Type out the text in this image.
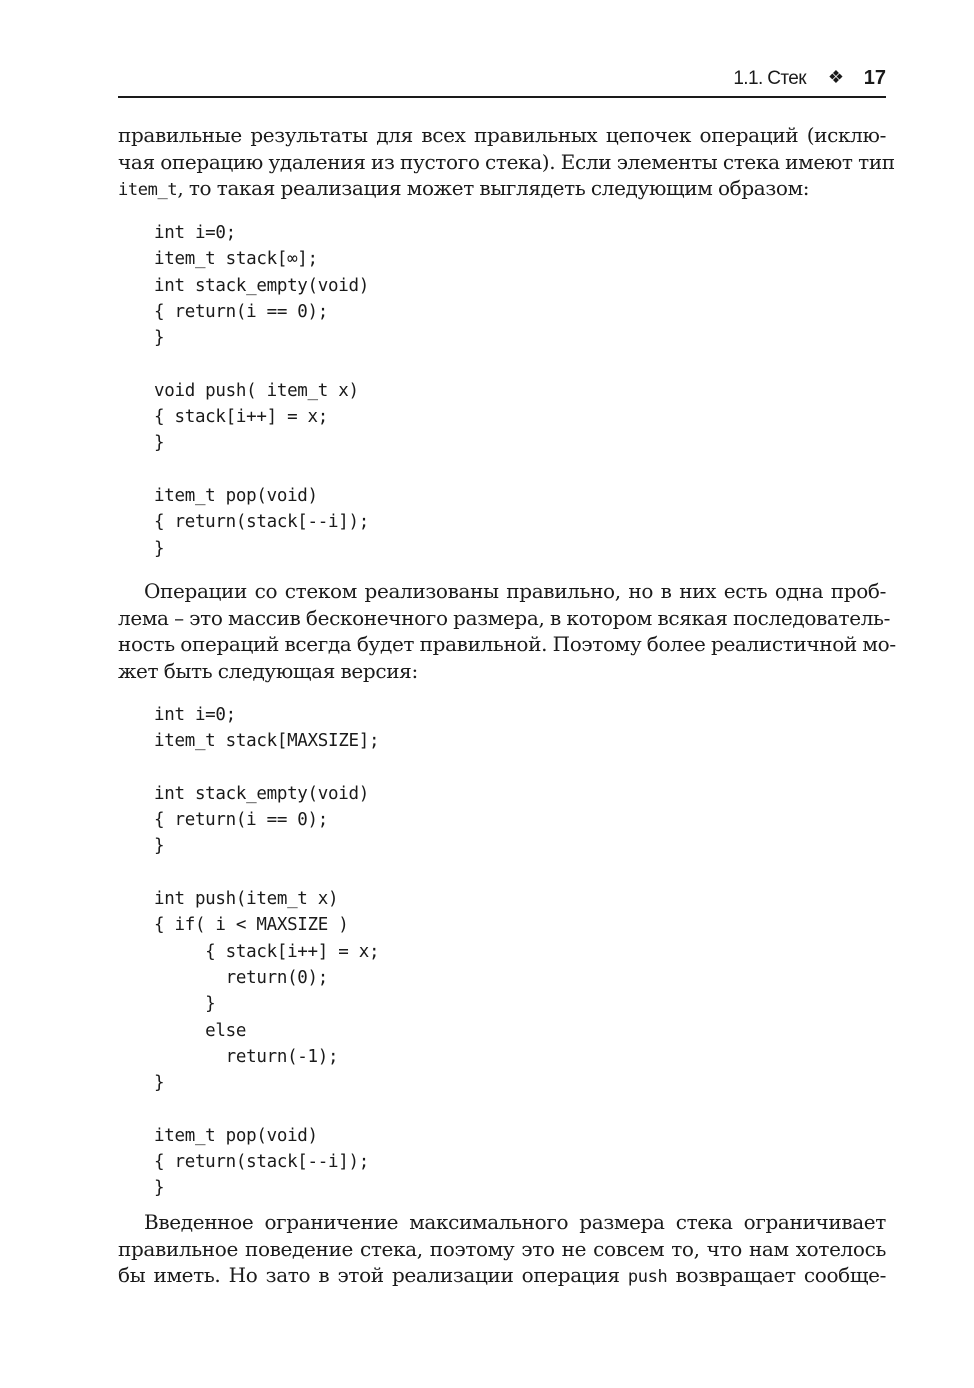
1.1. Стек ❖ 17

правильные результаты для всех правильных цепочек операций (исклю-
чая операцию удаления из пустого стека). Если элементы стека имеют тип
item_t, то такая реализация может выглядеть следующим образом:

int i=0;
item_t stack[∞];
int stack_empty(void)
{ return(i == 0);
}

void push( item_t x)
{ stack[i++] = x;
}

item_t pop(void)
{ return(stack[--i]);
}

Операции со стеком реализованы правильно, но в них есть одна проб-
лема – это массив бесконечного размера, в котором всякая последователь-
ность операций всегда будет правильной. Поэтому более реалистичной мо-
жет быть следующая версия:

int i=0;
item_t stack[MAXSIZE];

int stack_empty(void)
{ return(i == 0);
}

int push(item_t x)
{ if( i < MAXSIZE )
{ stack[i++] = x;
return(0);
}
else
return(-1);
}

item_t pop(void)
{ return(stack[--i]);
}

Введенное ограничение максимального размера стека ограничивает
правильное поведение стека, поэтому это не совсем то, что нам хотелось
бы иметь. Но зато в этой реализации операция push возвращает сообще-
